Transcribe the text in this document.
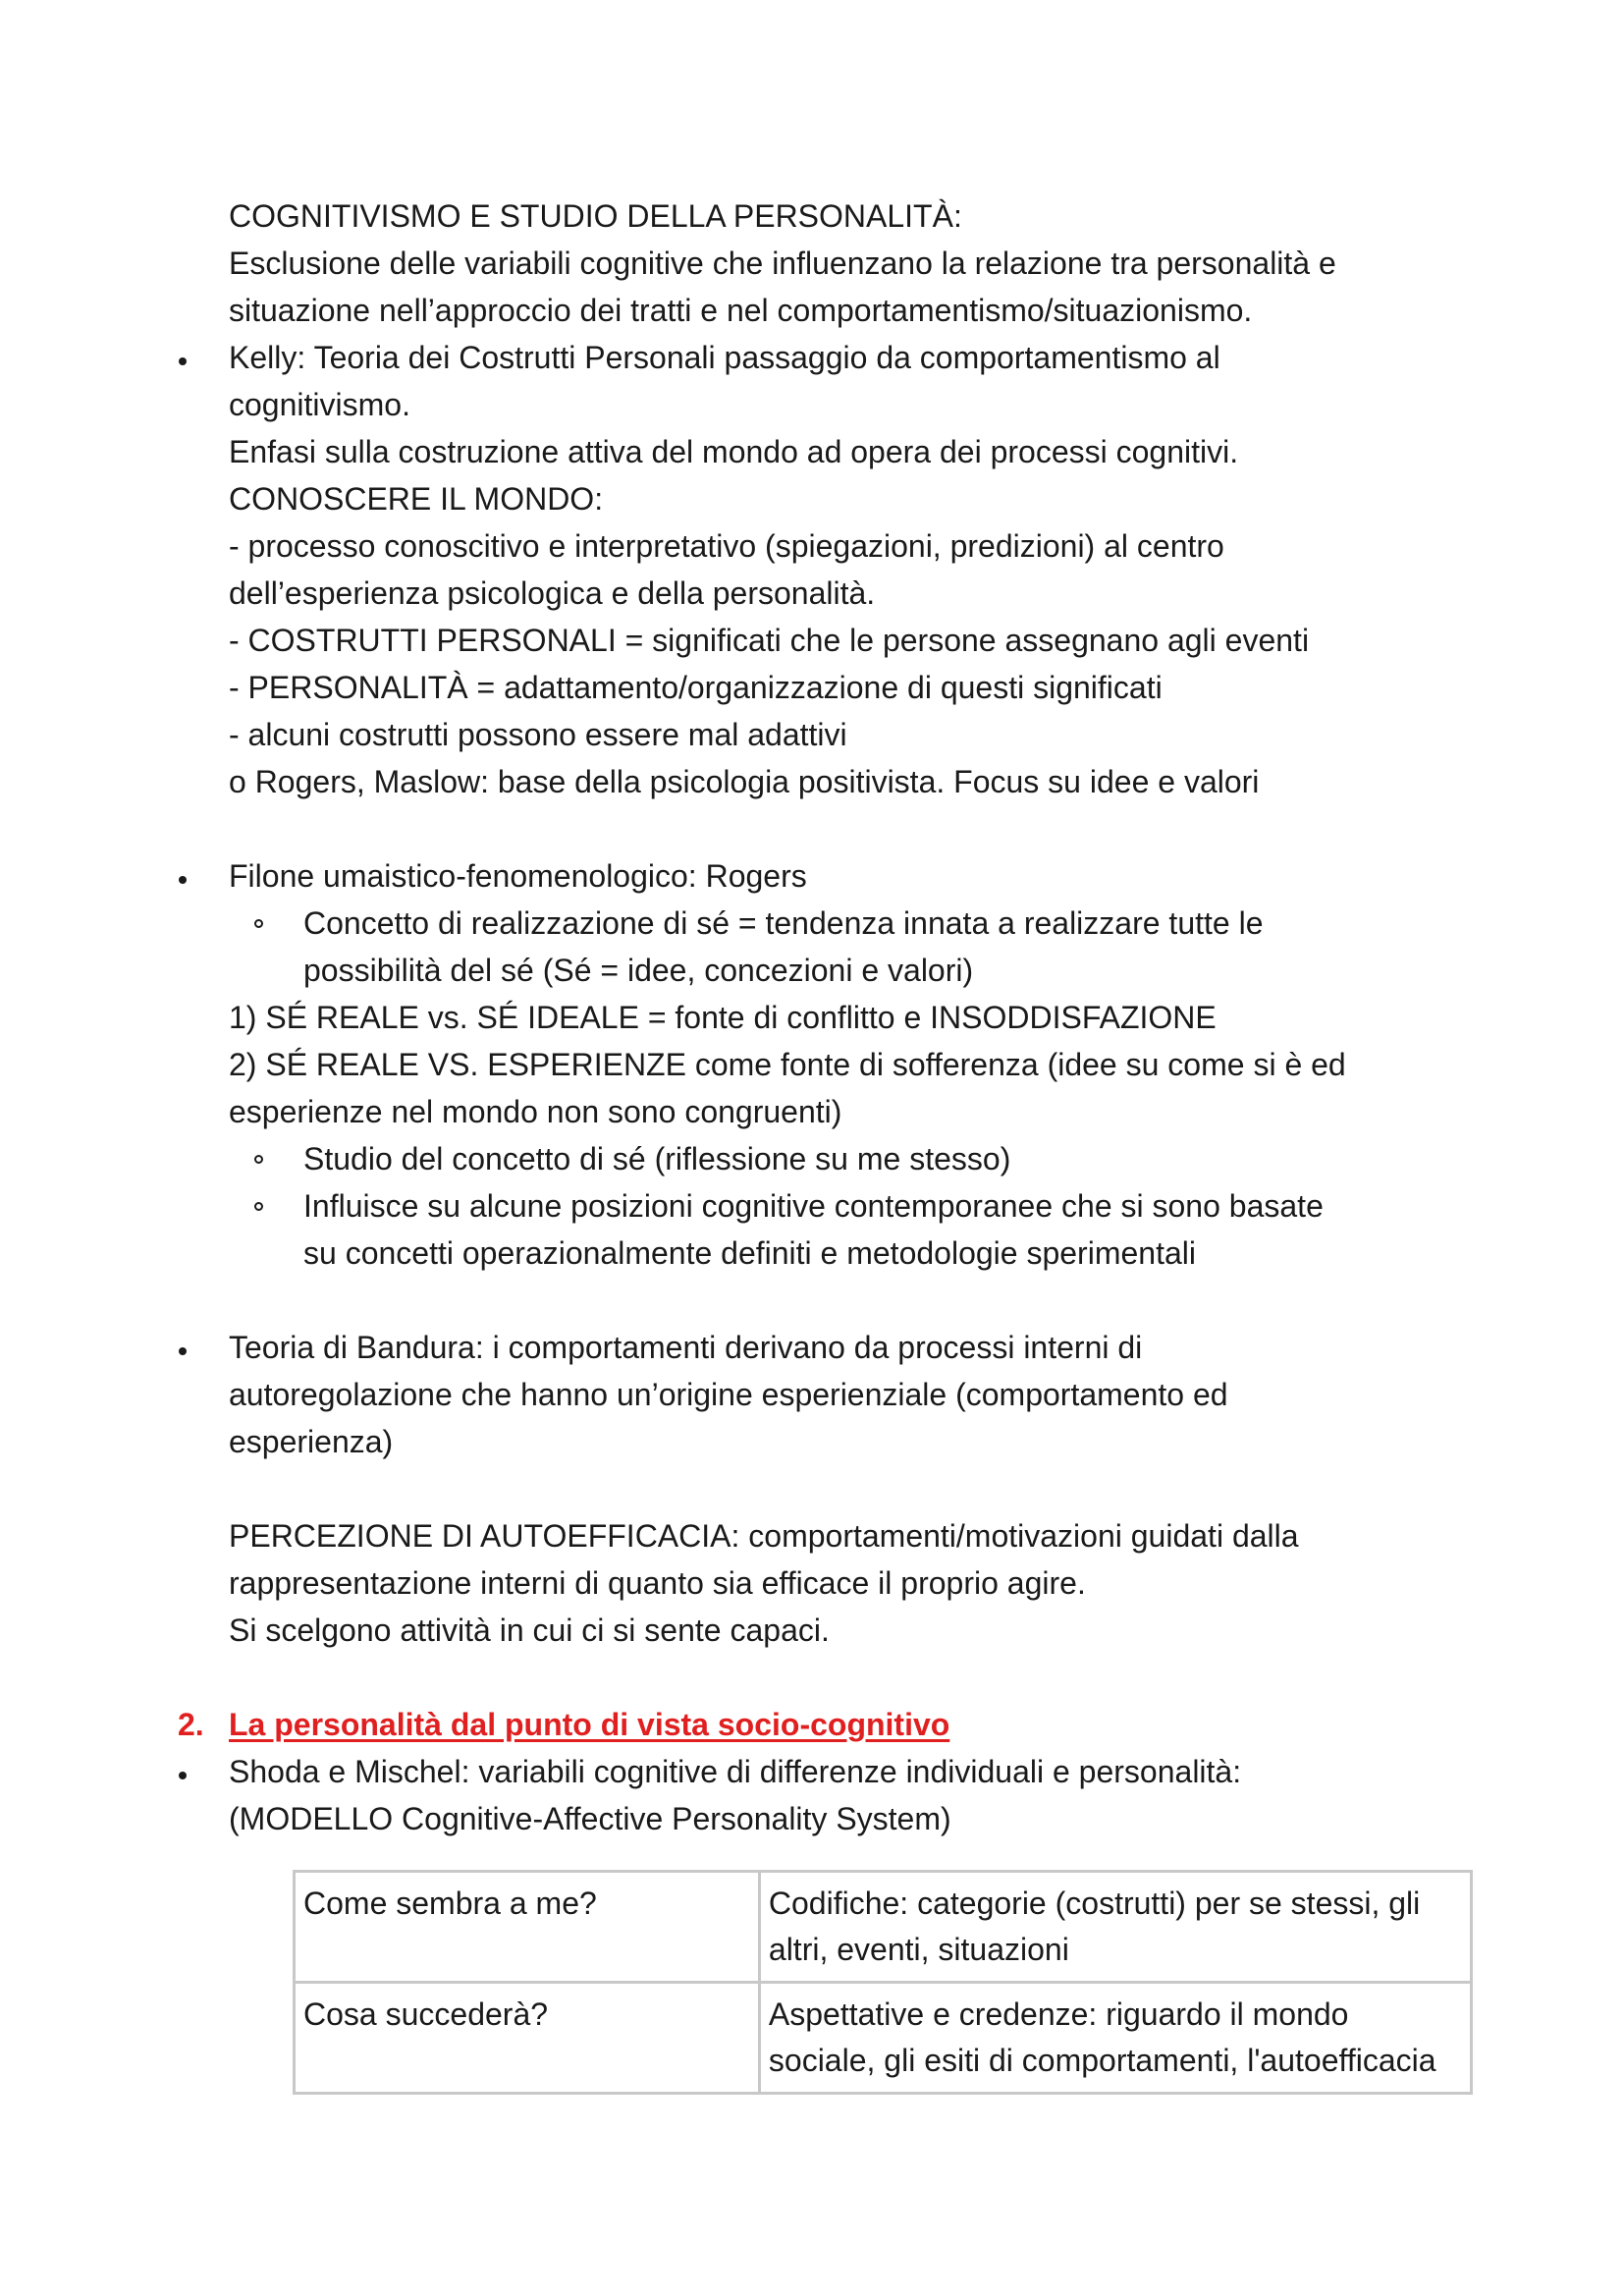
COGNITIVISMO E STUDIO DELLA PERSONALITÀ:
Esclusione delle variabili cognitive che influenzano la relazione tra personalità e
situazione nell’approccio dei tratti e nel comportamentismo/situazionismo.
Kelly: Teoria dei Costrutti Personali passaggio da comportamentismo al
cognitivismo.
Enfasi sulla costruzione attiva del mondo ad opera dei processi cognitivi.
CONOSCERE IL MONDO:
- processo conoscitivo e interpretativo (spiegazioni, predizioni) al centro
dell’esperienza psicologica e della personalità.
- COSTRUTTI PERSONALI = significati che le persone assegnano agli eventi
- PERSONALITÀ = adattamento/organizzazione di questi significati
- alcuni costrutti possono essere mal adattivi
o Rogers, Maslow: base della psicologia positivista. Focus su idee e valori
Filone umaistico-fenomenologico: Rogers
Concetto di realizzazione di sé = tendenza innata a realizzare tutte le
possibilità del sé (Sé = idee, concezioni e valori)
1) SÉ REALE vs. SÉ IDEALE = fonte di conflitto e INSODDISFAZIONE
2) SÉ REALE VS. ESPERIENZE come fonte di sofferenza (idee su come si è ed
esperienze nel mondo non sono congruenti)
Studio del concetto di sé (riflessione su me stesso)
Influisce su alcune posizioni cognitive contemporanee che si sono basate
su concetti operazionalmente definiti e metodologie sperimentali
Teoria di Bandura: i comportamenti derivano da processi interni di
autoregolazione che hanno un’origine esperienziale (comportamento ed
esperienza)
PERCEZIONE DI AUTOEFFICACIA: comportamenti/motivazioni guidati dalla
rappresentazione interni di quanto sia efficace il proprio agire.
Si scelgono attività in cui ci si sente capaci.
2. La personalità dal punto di vista socio-cognitivo
Shoda e Mischel: variabili cognitive di differenze individuali e personalità:
(MODELLO Cognitive-Affective Personality System)
Come sembra a me?	Codifiche: categorie (costrutti) per se stessi, gli altri, eventi, situazioni
Cosa succederà?	Aspettative e credenze: riguardo il mondo sociale, gli esiti di comportamenti, l'autoefficacia
